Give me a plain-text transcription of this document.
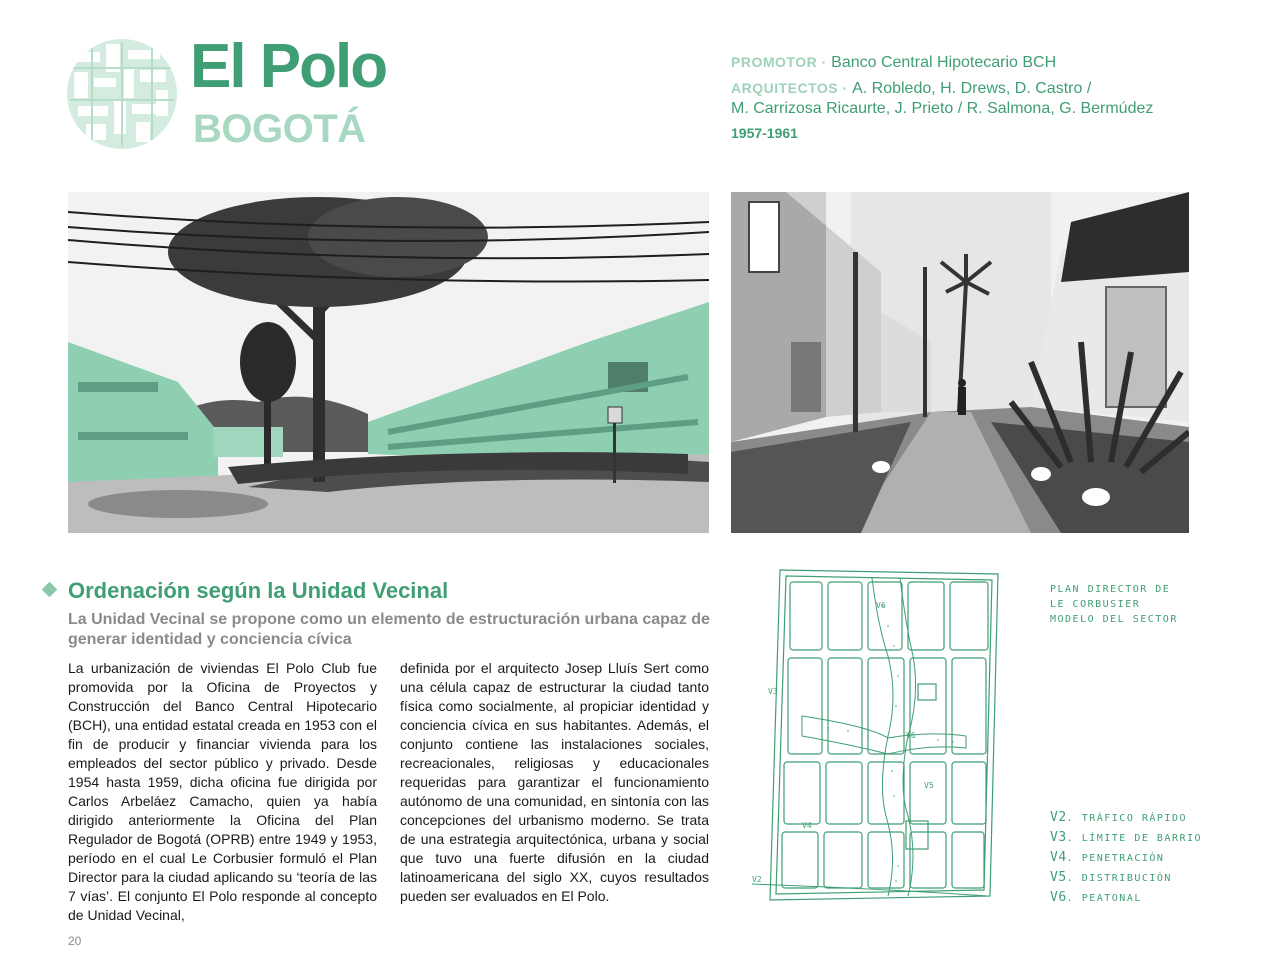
El Polo
BOGOTÁ
PROMOTOR · Banco Central Hipotecario BCH
ARQUITECTOS · A. Robledo, H. Drews, D. Castro /
M. Carrizosa Ricaurte, J. Prieto / R. Salmona, G. Bermúdez
1957-1961
Ordenación según la Unidad Vecinal

La Unidad Vecinal se propone como un elemento de estructuración urbana capaz de generar identidad y conciencia cívica

La urbanización de viviendas El Polo Club fue promovida por la Oficina de Proyectos y Construcción del Banco Central Hipotecario (BCH), una entidad estatal creada en 1953 con el fin de producir y financiar vivienda para los empleados del sector público y privado. Desde 1954 hasta 1959, dicha oficina fue dirigida por Carlos Arbeláez Camacho, quien ya había dirigido anteriormente la Oficina del Plan Regulador de Bogotá (OPRB) entre 1949 y 1953, período en el cual Le Corbusier formuló el Plan Director para la ciudad aplicando su ‘teoría de las 7 vías’. El conjunto El Polo responde al concepto de Unidad Vecinal,

definida por el arquitecto Josep Lluís Sert como una célula capaz de estructurar la ciudad tanto física como socialmente, al propiciar identidad y conciencia cívica en sus habitantes. Además, el conjunto contiene las instalaciones sociales, recreacionales, religiosas y educacionales requeridas para garantizar el funcionamiento autónomo de una comunidad, en sintonía con las concepciones del urbanismo moderno. Se trata de una estrategia arquitectónica, urbana y social que tuvo una fuerte difusión en la ciudad latinoamericana del siglo XX, cuyos resultados pueden ser evaluados en El Polo.

V6
V6
V3
V5
V4
V2
PLAN DIRECTOR DE
LE CORBUSIER
MODELO DEL SECTOR
V2. TRÁFICO RÁPIDO
V3. LÍMITE DE BARRIO
V4. PENETRACIÓN
V5. DISTRIBUCIÓN
V6. PEATONAL
20
